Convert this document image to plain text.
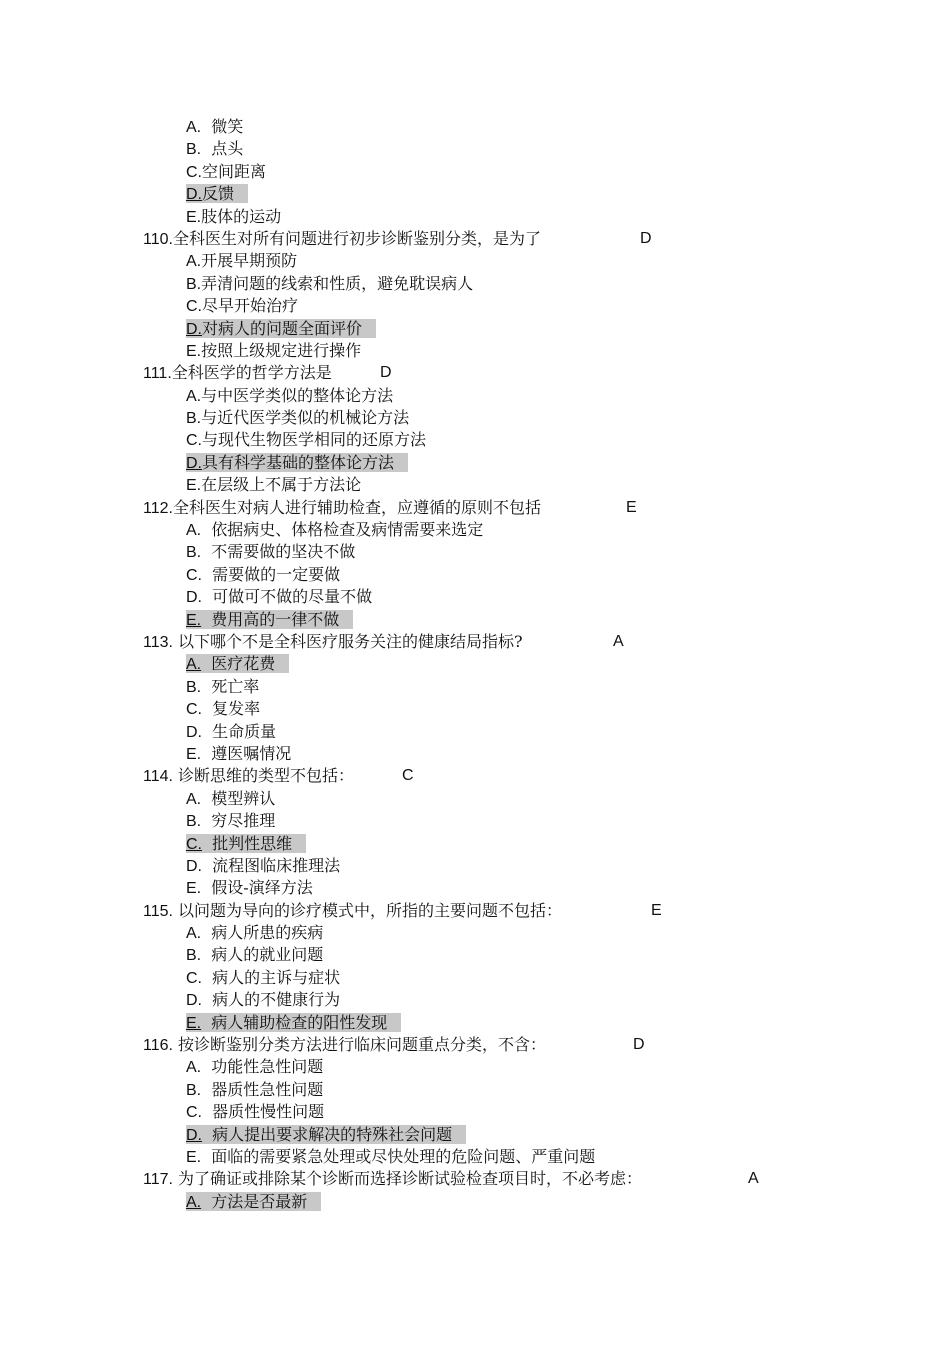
A.  微笑
B.  点头
C.空间距离
D.反馈
E.肢体的运动
110.全科医生对所有问题进行初步诊断鉴别分类，是为了	D
A.开展早期预防
B.弄清问题的线索和性质，避免耽误病人
C.尽早开始治疗
D.对病人的问题全面评价
E.按照上级规定进行操作
111.全科医学的哲学方法是	D
A.与中医学类似的整体论方法
B.与近代医学类似的机械论方法
C.与现代生物医学相同的还原方法
D.具有科学基础的整体论方法
E.在层级上不属于方法论
112.全科医生对病人进行辅助检查，应遵循的原则不包括	E
A.  依据病史、体格检查及病情需要来选定
B.  不需要做的坚决不做
C.  需要做的一定要做
D.  可做可不做的尽量不做
E.  费用高的一律不做
113. 以下哪个不是全科医疗服务关注的健康结局指标?	A
A.  医疗花费
B.  死亡率
C.  复发率
D.  生命质量
E.  遵医嘱情况
114. 诊断思维的类型不包括：	C
A.  模型辨认
B.  穷尽推理
C.  批判性思维
D.  流程图临床推理法
E.  假设-演绎方法
115. 以问题为导向的诊疗模式中，所指的主要问题不包括：	E
A.  病人所患的疾病
B.  病人的就业问题
C.  病人的主诉与症状
D.  病人的不健康行为
E.  病人辅助检查的阳性发现
116. 按诊断鉴别分类方法进行临床问题重点分类，不含：	D
A.  功能性急性问题
B.  器质性急性问题
C.  器质性慢性问题
D.  病人提出要求解决的特殊社会问题
E.  面临的需要紧急处理或尽快处理的危险问题、严重问题
117. 为了确证或排除某个诊断而选择诊断试验检查项目时，不必考虑：	A
A.  方法是否最新
